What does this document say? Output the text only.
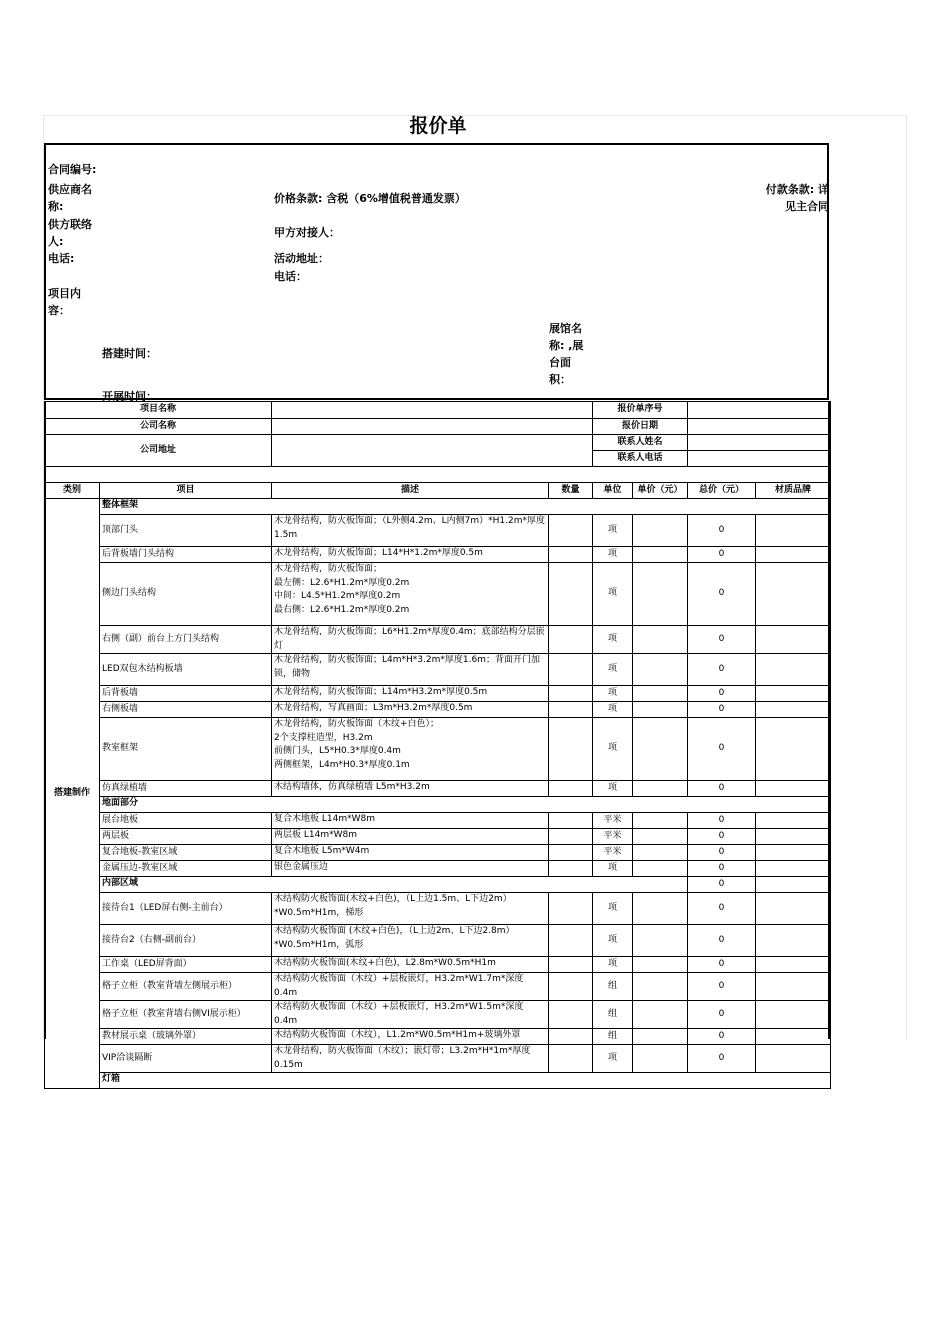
报价单
合同编号:
供应商名称:
价格条款: 含税（6%增值税普通发票）
付款条款: 详见主合同
供方联络人:
甲方对接人：
电话:	活动地址：
电话：
项目内容：
搭建时间：
展馆名称: ,展台面积：
开展时间：
项目名称				报价单序号			
公司名称				报价日期			
公司地址				联系人姓名			
				联系人电话			

类别	项目	描述	数量	单位	单价（元）	总价（元）	材质品牌
搭建制作	整体框架						
	顶部门头	木龙骨结构，防火板饰面；（L外侧4.2m、L内侧7m）*H1.2m*厚度1.5m		项		0	
	后背板墙门头结构	木龙骨结构，防火板饰面；L14*H*1.2m*厚度0.5m		项		0	
	侧边门头结构	木龙骨结构，防火板饰面；
最左侧：L2.6*H1.2m*厚度0.2m
中间：L4.5*H1.2m*厚度0.2m
最右侧：L2.6*H1.2m*厚度0.2m		项		0	
	右侧（副）前台上方门头结构	木龙骨结构，防火板饰面；L6*H1.2m*厚度0.4m；底部结构分层嵌灯		项		0	
	LED双包木结构板墙	木龙骨结构，防火板饰面；L4m*H*3.2m*厚度1.6m；背面开门加锁，储物		项		0	
	后背板墙	木龙骨结构，防火板饰面；L14m*H3.2m*厚度0.5m		项		0	
	右侧板墙	木龙骨结构，写真画面；L3m*H3.2m*厚度0.5m		项		0	
	教室框架	木龙骨结构，防火板饰面（木纹+白色）；
2个支撑柱造型，H3.2m
前侧门头，L5*H0.3*厚度0.4m
两侧框架，L4m*H0.3*厚度0.1m		项		0	
	仿真绿植墙	木结构墙体，仿真绿植墙 L5m*H3.2m		项		0	
	地面部分						
	展台地板	复合木地板 L14m*W8m		平米		0	
	两层板	两层板 L14m*W8m		平米		0	
	复合地板-教室区域	复合木地板 L5m*W4m		平米		0	
	金属压边-教室区域	银色金属压边		项		0	
	内部区域					0	
	接待台1（LED屏右侧-主前台）	木结构防火板饰面(木纹+白色)，（L上边1.5m、L下边2m）*W0.5m*H1m，梯形		项		0	
	接待台2（右侧-副前台）	木结构防火板饰面 (木纹+白色)，（L上边2m、L下边2.8m）*W0.5m*H1m，弧形		项		0	
	工作桌（LED屏背面）	木结构防火板饰面(木纹+白色)，L2.8m*W0.5m*H1m		项		0	
	格子立柜（教室背墙左侧展示柜）	木结构防火板饰面（木纹）+层板嵌灯，H3.2m*W1.7m*深度0.4m		组		0	
	格子立柜（教室背墙右侧VI展示柜）	木结构防火板饰面（木纹）+层板嵌灯，H3.2m*W1.5m*深度0.4m		组		0	
	教材展示桌（玻璃外罩）	木结构防火板饰面（木纹），L1.2m*W0.5m*H1m+玻璃外罩		组		0	
	VIP洽谈隔断	木龙骨结构，防火板饰面（木纹）；嵌灯带；L3.2m*H*1m*厚度0.15m		项		0	
	灯箱						
